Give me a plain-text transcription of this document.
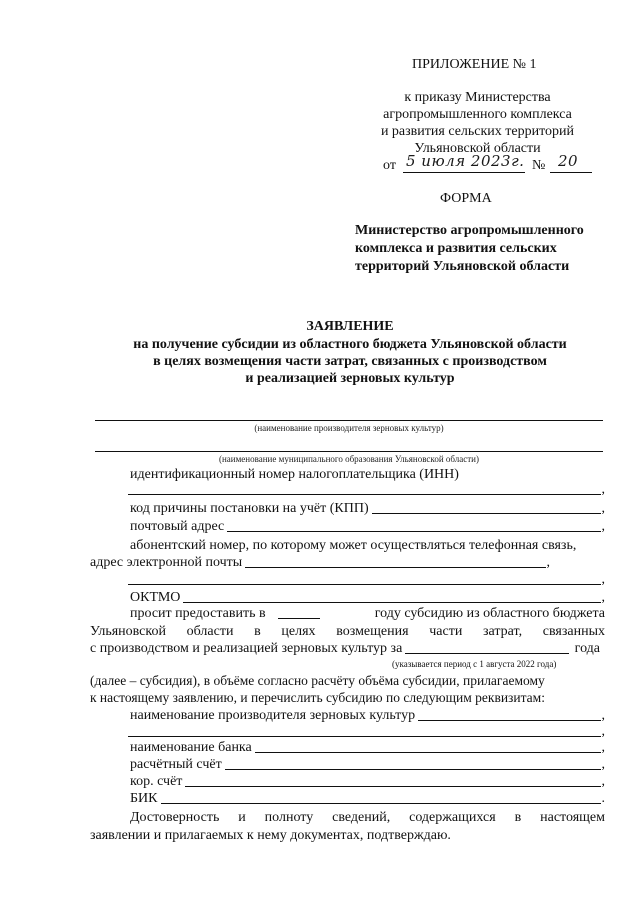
ПРИЛОЖЕНИЕ № 1
к приказу Министерства
агропромышленного комплекса
и развития сельских территорий
Ульяновской области
от 5 июля 2023г. № 20
ФОРМА
Министерство агропромышленного
комплекса и развития сельских
территорий Ульяновской области
ЗАЯВЛЕНИЕ
на получение субсидии из областного бюджета Ульяновской области
в целях возмещения части затрат, связанных с производством
и реализацией зерновых культур
(наименование производителя зерновых культур)
(наименование муниципального образования Ульяновской области)
идентификационный номер налогоплательщика (ИНН)
,
код причины постановки на учёт (КПП)	,
почтовый адрес	,
абонентский номер, по которому может осуществляться телефонная связь,
адрес электронной почты	,
,
ОКТМО	,
просит предоставить в	году субсидию из областного бюджета
Ульяновской области в целях возмещения части затрат, связанных
с производством и реализацией зерновых культур за	года
(указывается период с 1 августа 2022 года)
(далее – субсидия), в объёме согласно расчёту объёма субсидии, прилагаемому
к настоящему заявлению, и перечислить субсидию по следующим реквизитам:
наименование производителя зерновых культур	,
,
наименование банка	,
расчётный счёт	,
кор. счёт	,
БИК	.
Достоверность и полноту сведений, содержащихся в настоящем
заявлении и прилагаемых к нему документах, подтверждаю.
